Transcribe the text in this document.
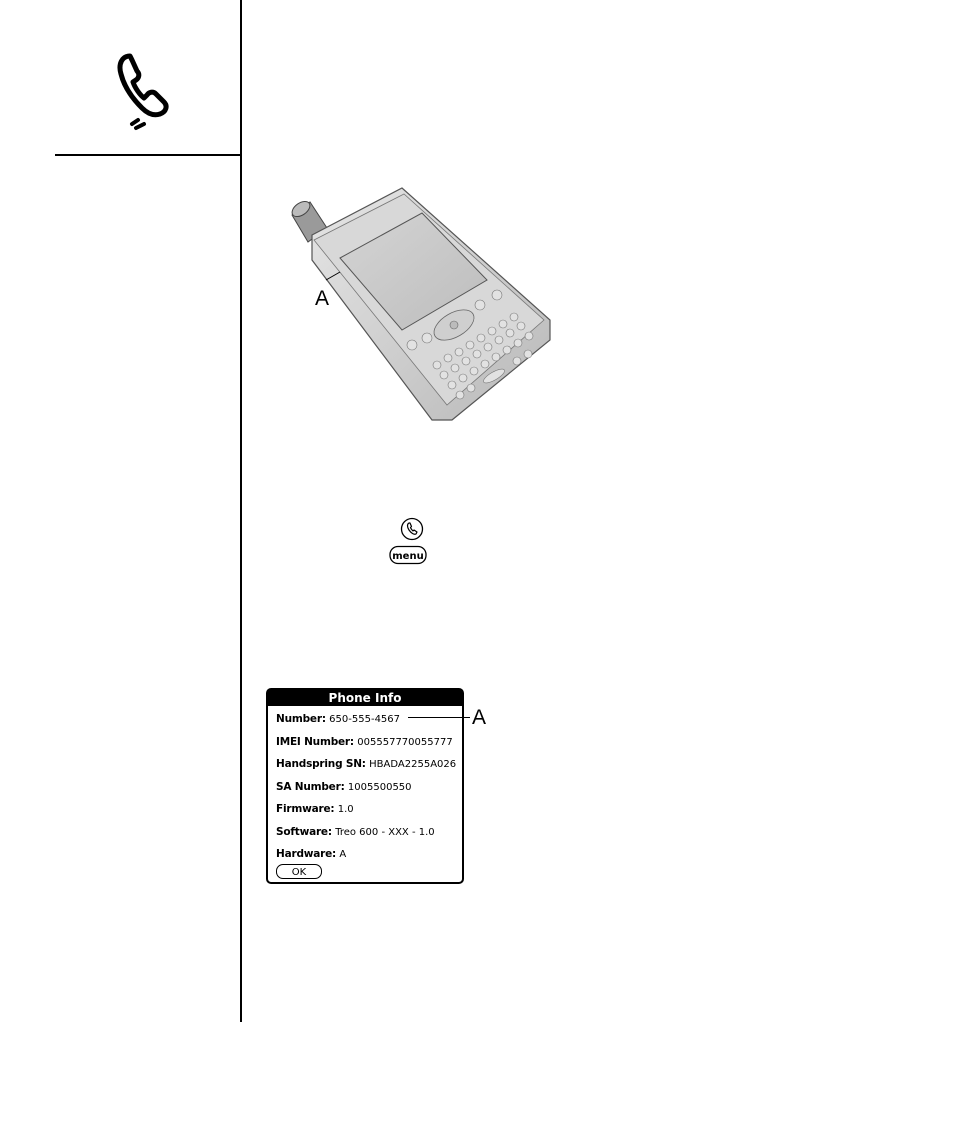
A
menu
Phone Info
Number: 650-555-4567
IMEI Number: 005557770055777
Handspring SN: HBADA2255A026
SA Number: 1005500550
Firmware: 1.0
Software: Treo 600 - XXX - 1.0
Hardware: A
OK
A
